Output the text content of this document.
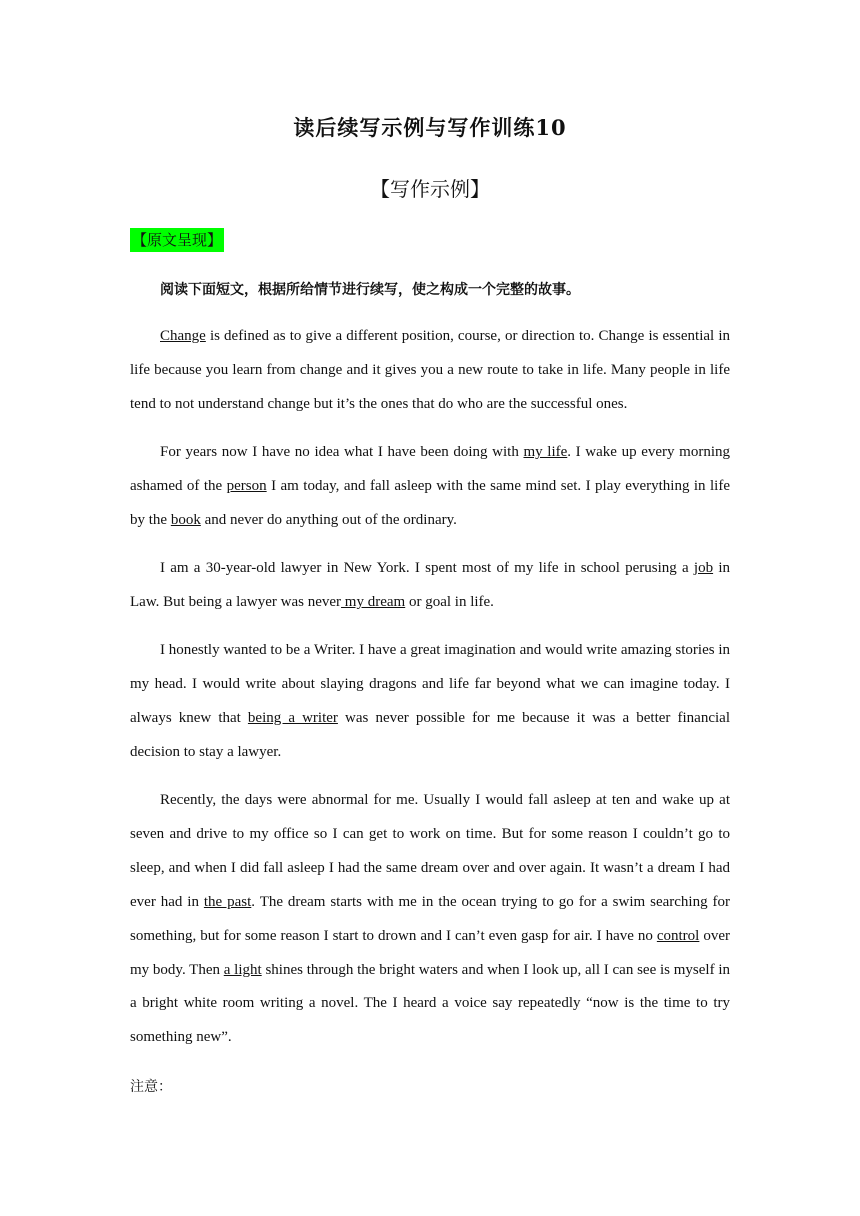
读后续写示例与写作训练10
【写作示例】
【原文呈现】
阅读下面短文，根据所给情节进行续写，使之构成一个完整的故事。

Change is defined as to give a different position, course, or direction to. Change is essential in life because you learn from change and it gives you a new route to take in life. Many people in life tend to not understand change but it’s the ones that do who are the successful ones.

For years now I have no idea what I have been doing with my life. I wake up every morning ashamed of the person I am today, and fall asleep with the same mind set. I play everything in life by the book and never do anything out of the ordinary.

I am a 30-year-old lawyer in New York. I spent most of my life in school perusing a job in Law. But being a lawyer was never my dream or goal in life.

I honestly wanted to be a Writer. I have a great imagination and would write amazing stories in my head. I would write about slaying dragons and life far beyond what we can imagine today. I always knew that being a writer was never possible for me because it was a better financial decision to stay a lawyer.

Recently, the days were abnormal for me. Usually I would fall asleep at ten and wake up at seven and drive to my office so I can get to work on time. But for some reason I couldn’t go to sleep, and when I did fall asleep I had the same dream over and over again. It wasn’t a dream I had ever had in the past. The dream starts with me in the ocean trying to go for a swim searching for something, but for some reason I start to drown and I can’t even gasp for air. I have no control over my body. Then a light shines through the bright waters and when I look up, all I can see is myself in a bright white room writing a novel. The I heard a voice say repeatedly “now is the time to try something new”.

注意：
